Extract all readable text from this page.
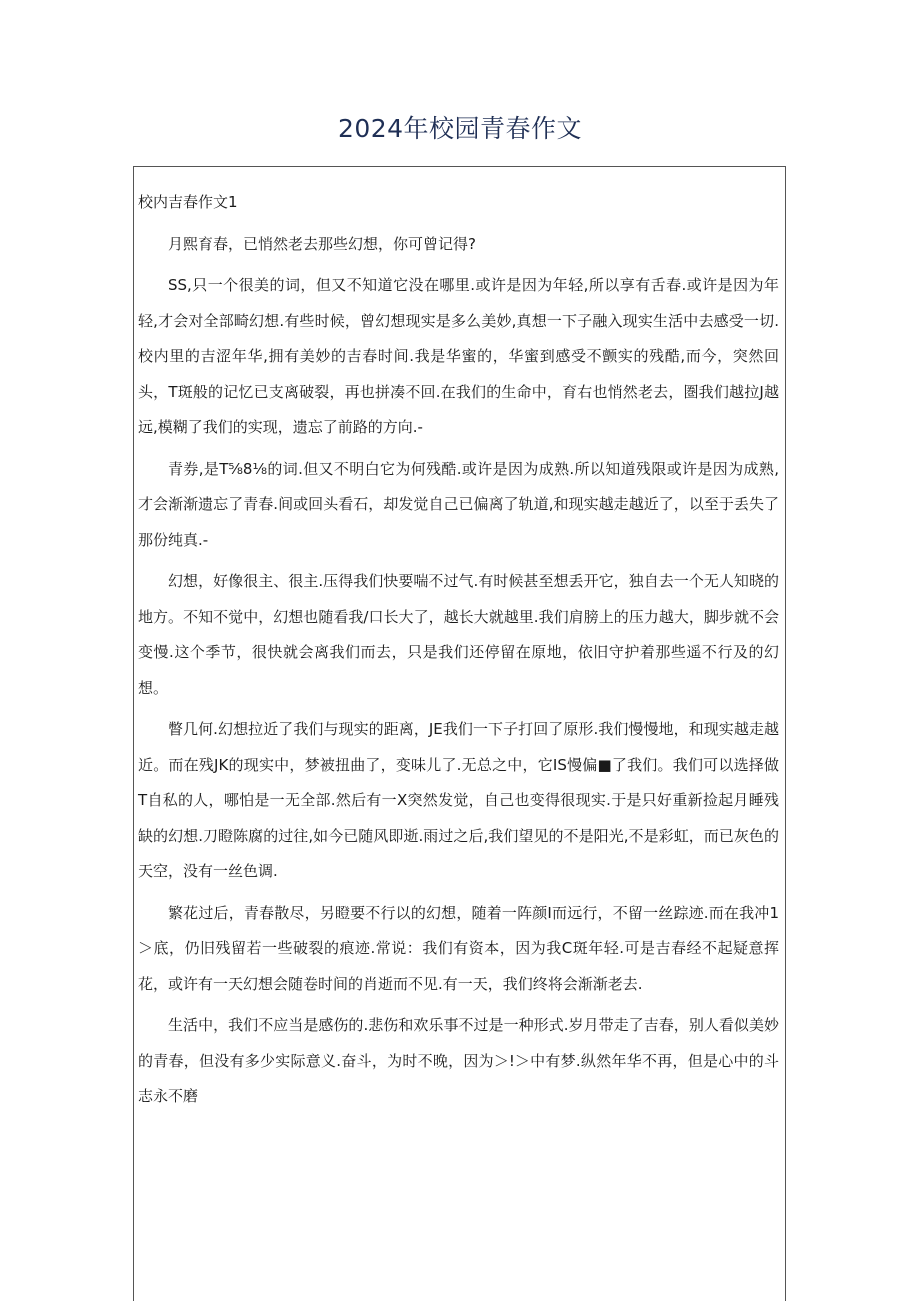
2024年校园青春作文

校内吉春作文1

月熙育春，已悄然老去那些幻想，你可曾记得?

SS,只一个很美的词，但又不知道它没在哪里.或许是因为年轻,所以享有舌春.或许是因为年轻,才会对全部畸幻想.有些时候，曾幻想现实是多么美妙,真想一下子融入现实生活中去感受一切.校内里的吉涩年华,拥有美妙的吉春时间.我是华蜜的，华蜜到感受不颤实的残酷,而今，突然回头，T斑般的记忆已支离破裂，再也拼凑不回.在我们的生命中，育右也悄然老去，圏我们越拉J越远,模糊了我们的实现，遗忘了前路的方向.-

青券,是T⅝8⅛的词.但又不明白它为何残酷.或许是因为成熟.所以知道残限或许是因为成熟,才会渐渐遗忘了青春.间或回头看石，却发觉自己已偏离了轨道,和现实越走越近了，以至于丢失了那份纯真.-

幻想，好像很主、很主.压得我们快要喘不过气.有时候甚至想丢开它，独自去一个无人知晓的地方。不知不觉中，幻想也随看我/口长大了，越长大就越里.我们肩膀上的压力越大，脚步就不会变慢.这个季节，很快就会离我们而去，只是我们还停留在原地，依旧守护着那些遥不行及的幻想。

瞥几何.幻想拉近了我们与现实的距离，JE我们一下子打回了原形.我们慢慢地，和现实越走越近。而在残JK的现实中，梦被扭曲了，变味儿了.无总之中，它IS慢偏■了我们。我们可以选择做T自私的人，哪怕是一无全部.然后有一X突然发觉，自己也变得很现实.于是只好重新捡起月睡残缺的幻想.刀瞪陈腐的过往,如今已随风即逝.雨过之后,我们望见的不是阳光,不是彩虹，而已灰色的天空，没有一丝色调.

繁花过后，青春散尽，另瞪要不行以的幻想，随着一阵颜I而远行，不留一丝踪迹.而在我冲1＞底，仍旧残留若一些破裂的痕迹.常说：我们有资本，因为我C斑年轻.可是吉春经不起疑意挥花，或许有一天幻想会随卷时间的肖逝而不见.有一天，我们终将会渐渐老去.

生活中，我们不应当是感伤的.悲伤和欢乐事不过是一种形式.岁月带走了吉春，别人看似美妙的青春，但没有多少实际意义.奋斗，为时不晚，因为＞!＞中有梦.纵然年华不再，但是心中的斗志永不磨
